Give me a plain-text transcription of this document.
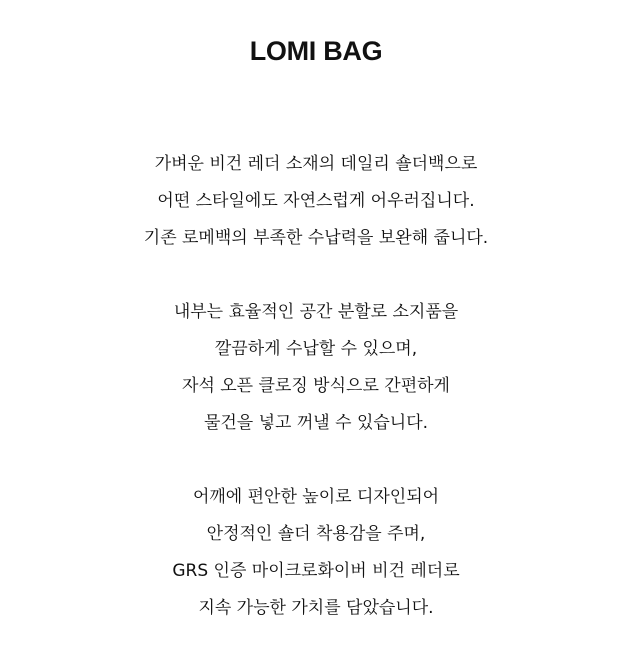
LOMI BAG
가벼운 비건 레더 소재의 데일리 숄더백으로
어떤 스타일에도 자연스럽게 어우러집니다.
기존 로메백의 부족한 수납력을 보완해 줍니다.
내부는 효율적인 공간 분할로 소지품을
깔끔하게 수납할 수 있으며,
자석 오픈 클로징 방식으로 간편하게
물건을 넣고 꺼낼 수 있습니다.
어깨에 편안한 높이로 디자인되어
안정적인 숄더 착용감을 주며,
GRS 인증 마이크로화이버 비건 레더로
지속 가능한 가치를 담았습니다.
